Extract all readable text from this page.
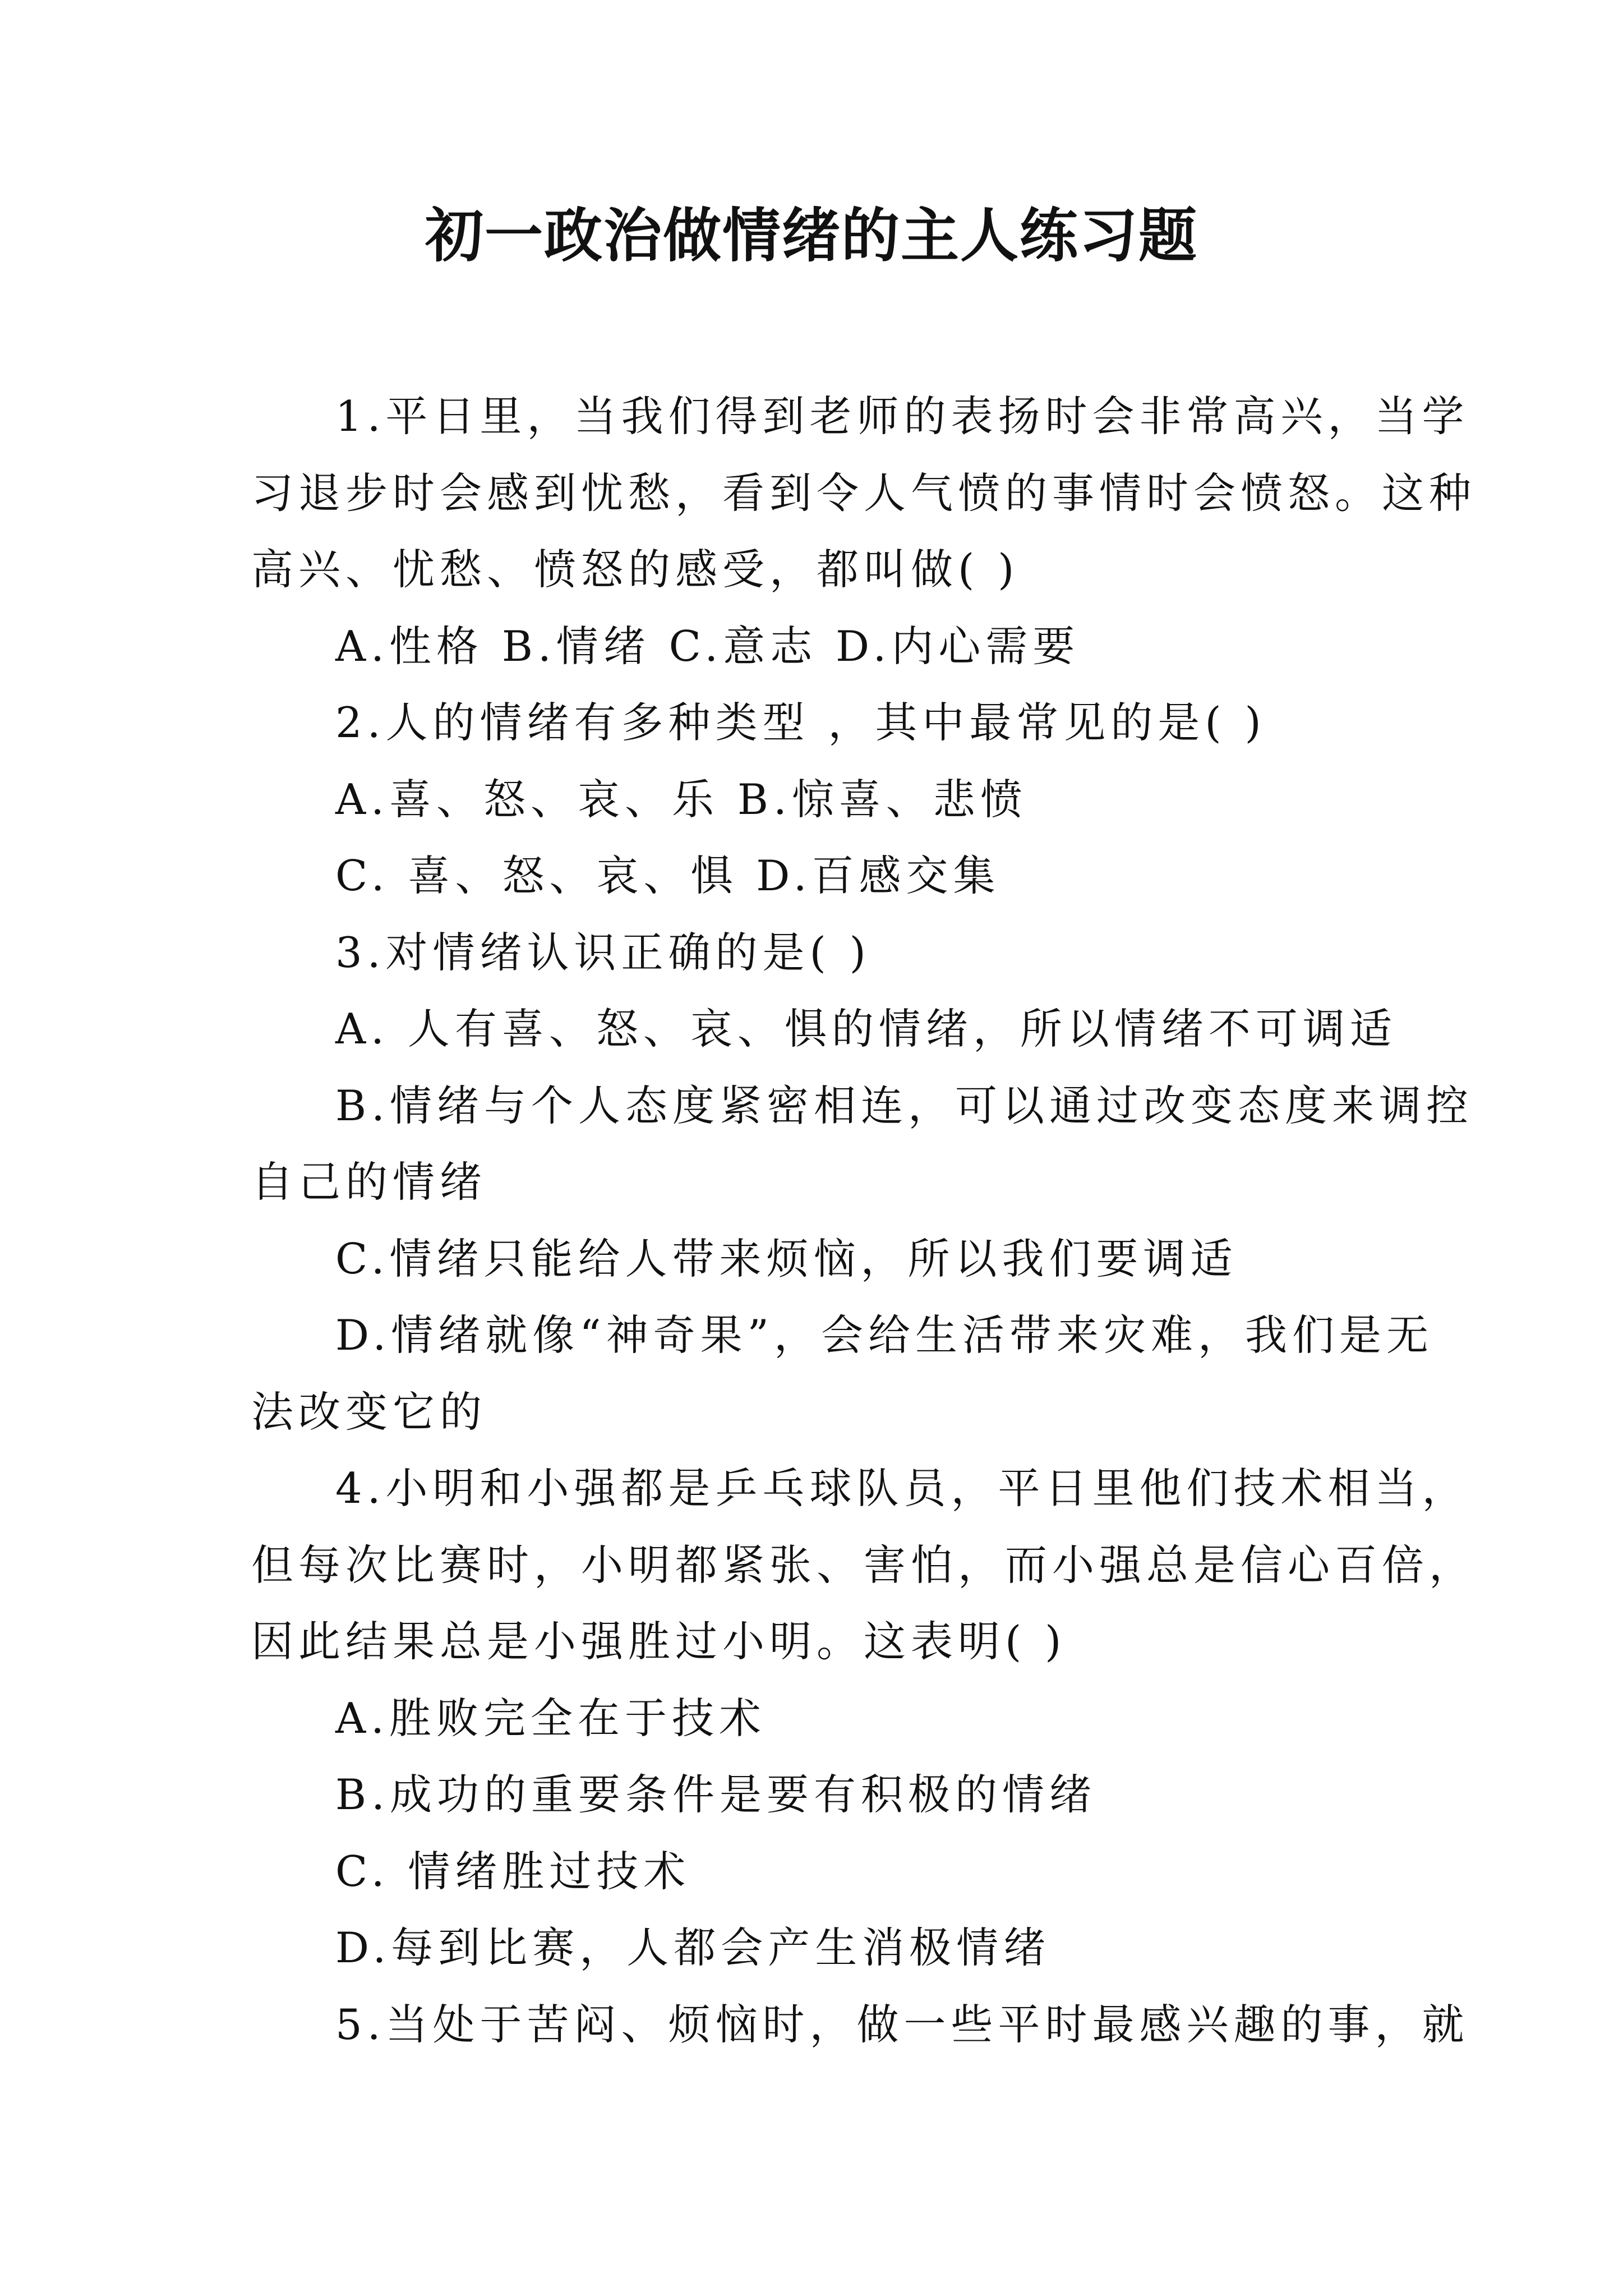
初一政治做情绪的主人练习题

1.平日里，当我们得到老师的表扬时会非常高兴，当学

习退步时会感到忧愁，看到令人气愤的事情时会愤怒。这种

高兴、忧愁、愤怒的感受，都叫做( )

A.性格 B.情绪 C.意志 D.内心需要

2.人的情绪有多种类型 ，其中最常见的是( )

A.喜、怒、哀、乐 B.惊喜、悲愤

C. 喜、怒、哀、惧 D.百感交集

3.对情绪认识正确的是( )

A. 人有喜、怒、哀、惧的情绪，所以情绪不可调适

B.情绪与个人态度紧密相连，可以通过改变态度来调控

自己的情绪

C.情绪只能给人带来烦恼，所以我们要调适

D.情绪就像“神奇果”，会给生活带来灾难，我们是无

法改变它的

4.小明和小强都是乒乓球队员，平日里他们技术相当，

但每次比赛时，小明都紧张、害怕，而小强总是信心百倍，

因此结果总是小强胜过小明。这表明( )

A.胜败完全在于技术

B.成功的重要条件是要有积极的情绪

C. 情绪胜过技术

D.每到比赛，人都会产生消极情绪

5.当处于苦闷、烦恼时，做一些平时最感兴趣的事，就
